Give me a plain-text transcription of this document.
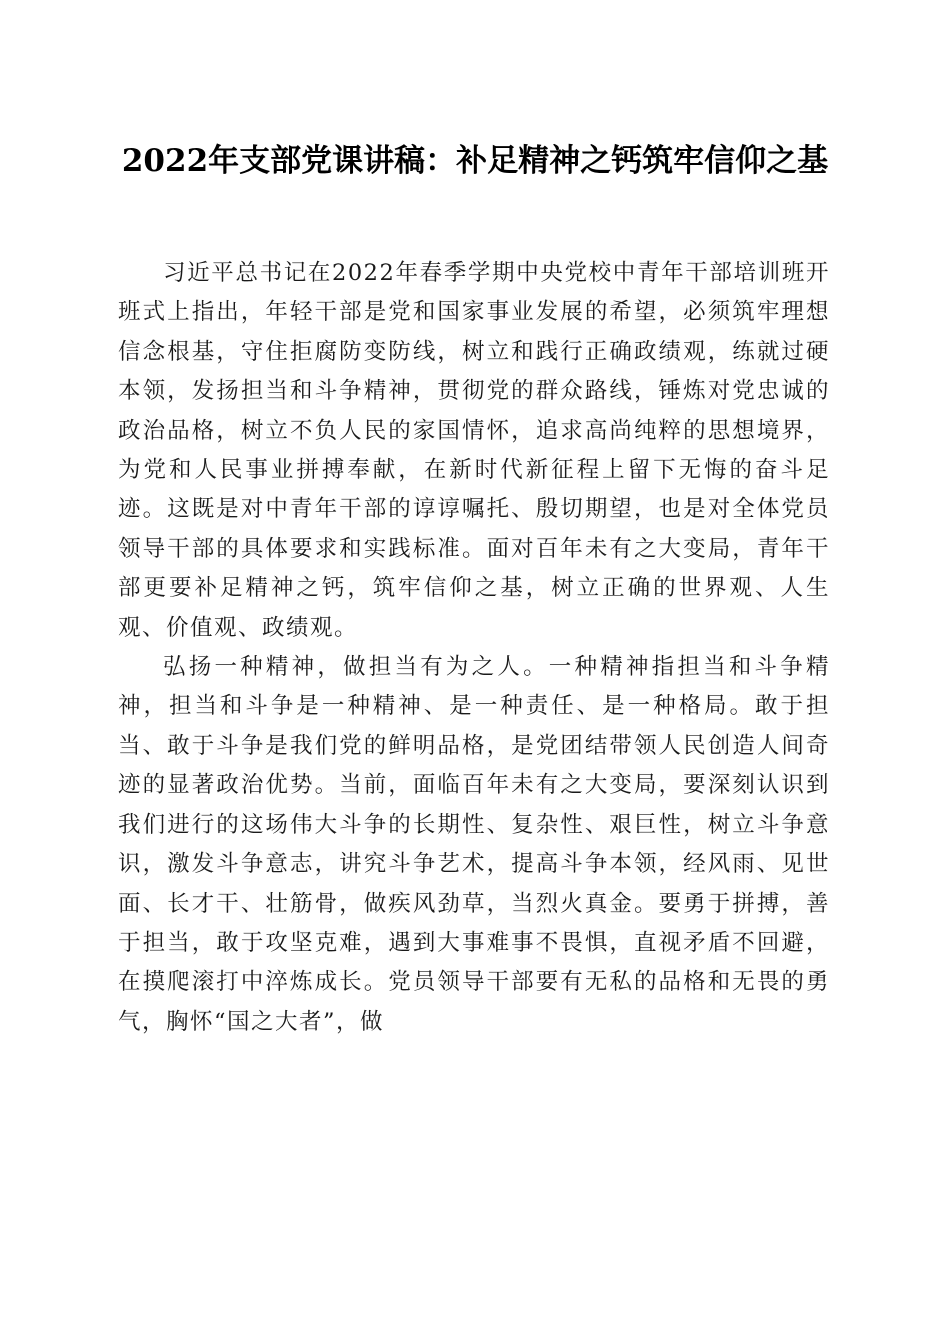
2022年支部党课讲稿：补足精神之钙筑牢信仰之基

习近平总书记在2022年春季学期中央党校中青年干部培训班开班式上指出，年轻干部是党和国家事业发展的希望，必须筑牢理想信念根基，守住拒腐防变防线，树立和践行正确政绩观，练就过硬本领，发扬担当和斗争精神，贯彻党的群众路线，锤炼对党忠诚的政治品格，树立不负人民的家国情怀，追求高尚纯粹的思想境界，为党和人民事业拼搏奉献，在新时代新征程上留下无悔的奋斗足迹。这既是对中青年干部的谆谆嘱托、殷切期望，也是对全体党员领导干部的具体要求和实践标准。面对百年未有之大变局，青年干部更要补足精神之钙，筑牢信仰之基，树立正确的世界观、人生观、价值观、政绩观。

弘扬一种精神，做担当有为之人。一种精神指担当和斗争精神，担当和斗争是一种精神、是一种责任、是一种格局。敢于担当、敢于斗争是我们党的鲜明品格，是党团结带领人民创造人间奇迹的显著政治优势。当前，面临百年未有之大变局，要深刻认识到我们进行的这场伟大斗争的长期性、复杂性、艰巨性，树立斗争意识，激发斗争意志，讲究斗争艺术，提高斗争本领，经风雨、见世面、长才干、壮筋骨，做疾风劲草，当烈火真金。要勇于拼搏，善于担当，敢于攻坚克难，遇到大事难事不畏惧，直视矛盾不回避，在摸爬滚打中淬炼成长。党员领导干部要有无私的品格和无畏的勇气，胸怀“国之大者”，做
